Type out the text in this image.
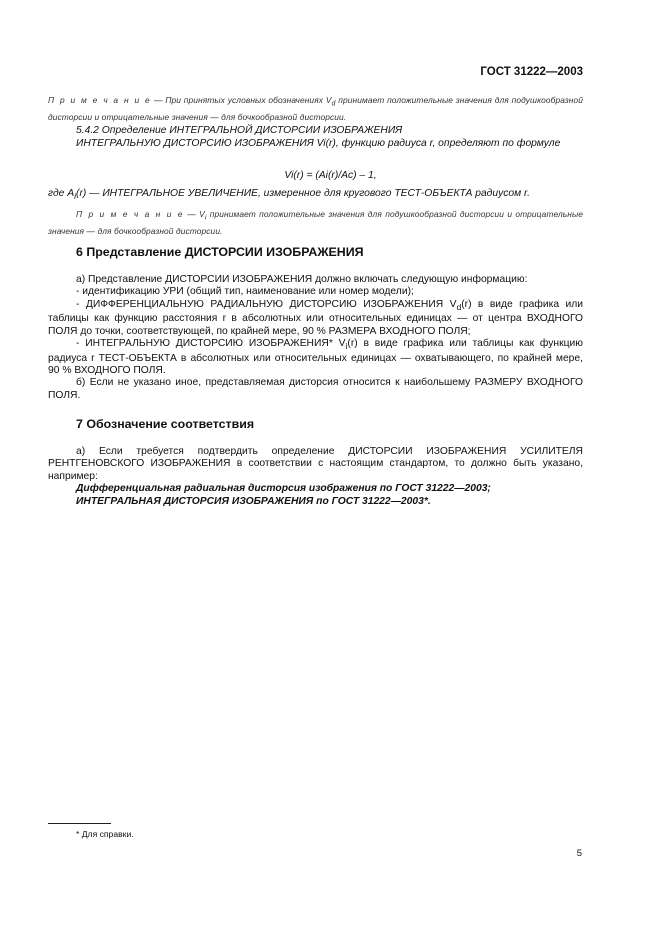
ГОСТ 31222—2003
П р и м е ч а н и е — При принятых условных обозначениях $V_d$ принимает положительные значения для подушкообразной дисторсии и отрицательные значения — для бочкообразной дисторсии.
5.4.2 Определение ИНТЕГРАЛЬНОЙ ДИСТОРСИИ ИЗОБРАЖЕНИЯ
ИНТЕГРАЛЬНУЮ ДИСТОРСИЮ ИЗОБРАЖЕНИЯ Vi(r), функцию радиуса r, определяют по формуле
Vi(r) = (Ai(r)/Ac) – 1,
где $A_i(r)$ — ИНТЕГРАЛЬНОЕ УВЕЛИЧЕНИЕ, измеренное для кругового ТЕСТ-ОБЪЕКТА радиусом r.
П р и м е ч а н и е — $V_i$ принимает положительные значения для подушкообразной дисторсии и отрицательные значения — для бочкообразной дисторсии.
6 Представление ДИСТОРСИИ ИЗОБРАЖЕНИЯ
а) Представление ДИСТОРСИИ ИЗОБРАЖЕНИЯ должно включать следующую информацию:
- идентификацию УРИ (общий тип, наименование или номер модели);
- ДИФФЕРЕНЦИАЛЬНУЮ РАДИАЛЬНУЮ ДИСТОРСИЮ ИЗОБРАЖЕНИЯ $V_d(r)$ в виде графика или таблицы как функцию расстояния r в абсолютных или относительных единицах — от центра ВХОДНОГО ПОЛЯ до точки, соответствующей, по крайней мере, 90 % РАЗМЕРА ВХОДНОГО ПОЛЯ;
- ИНТЕГРАЛЬНУЮ ДИСТОРСИЮ ИЗОБРАЖЕНИЯ* $V_i(r)$ в виде графика или таблицы как функцию радиуса r ТЕСТ-ОБЪЕКТА в абсолютных или относительных единицах — охватывающего, по крайней мере, 90 % ВХОДНОГО ПОЛЯ.
б) Если не указано иное, представляемая дисторсия относится к наибольшему РАЗМЕРУ ВХОДНОГО ПОЛЯ.
7 Обозначение соответствия
а) Если требуется подтвердить определение ДИСТОРСИИ ИЗОБРАЖЕНИЯ УСИЛИТЕЛЯ РЕНТГЕНОВСКОГО ИЗОБРАЖЕНИЯ в соответствии с настоящим стандартом, то должно быть указано, например:
Дифференциальная радиальная дисторсия изображения по ГОСТ 31222—2003;
ИНТЕГРАЛЬНАЯ ДИСТОРСИЯ ИЗОБРАЖЕНИЯ по ГОСТ 31222—2003*.
* Для справки.
5
